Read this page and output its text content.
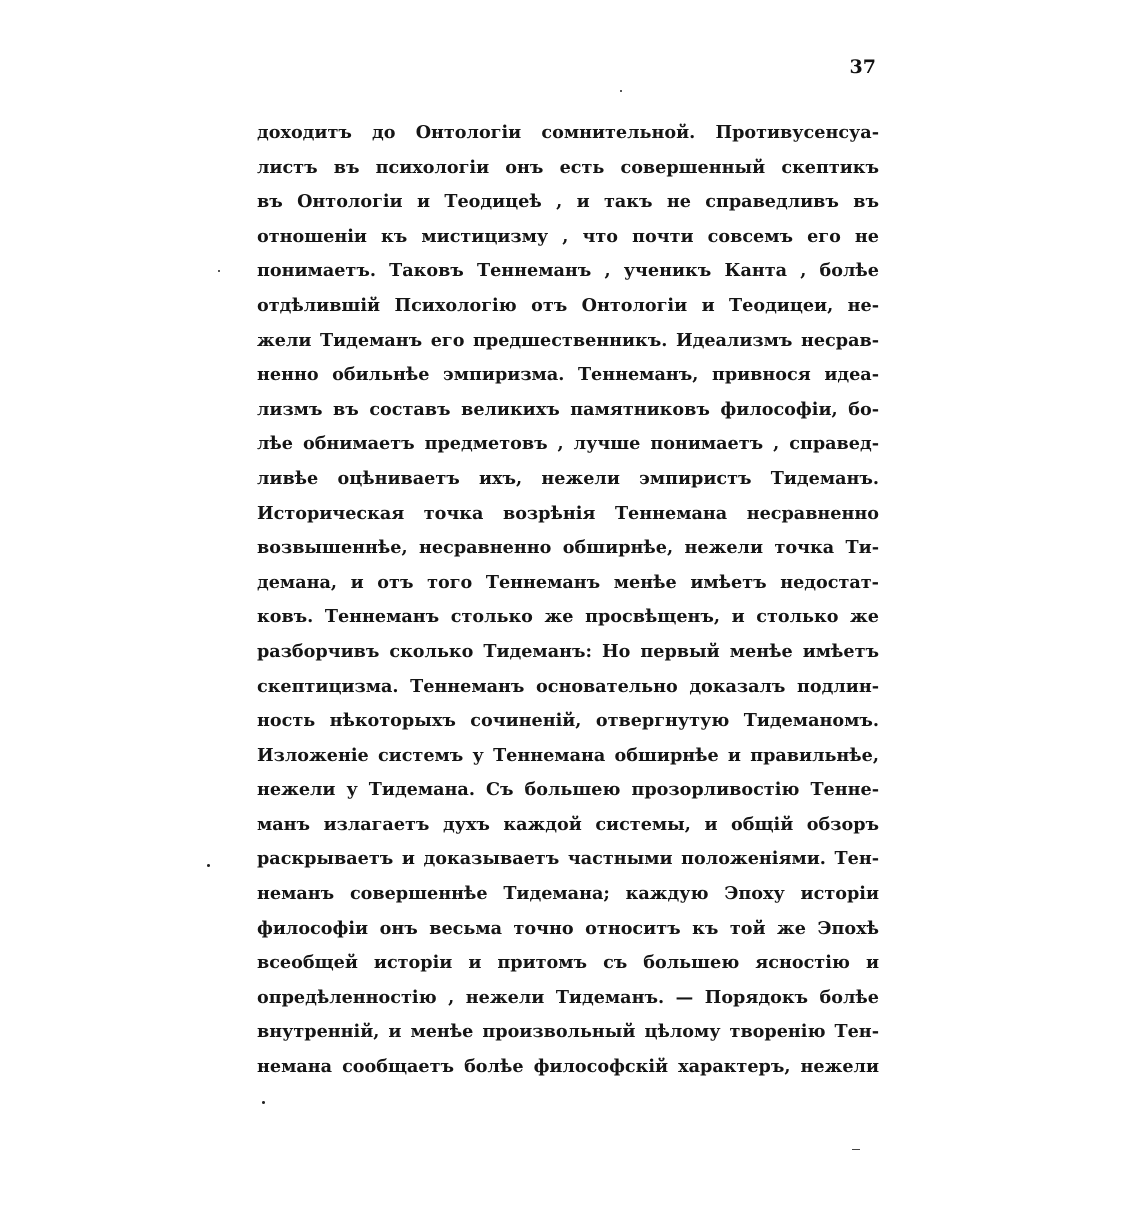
37
доходитъ до Онтологіи сомнительной. Противусенсуа-
листъ въ психологіи онъ есть совершенный скептикъ
въ Онтологіи и Теодицеѣ , и такъ не справедливъ въ
отношеніи къ мистицизму , что почти совсемъ его не
понимаетъ. Таковъ Теннеманъ , ученикъ Канта , болѣе
отдѣлившій Психологію отъ Онтологіи и Теодицеи, не-
жели Тидеманъ его предшественникъ. Идеализмъ несрав-
ненно обильнѣе эмпиризма. Теннеманъ, привнося идеа-
лизмъ въ составъ великихъ памятниковъ философіи, бо-
лѣе обнимаетъ предметовъ , лучше понимаетъ , справед-
ливѣе оцѣниваетъ ихъ, нежели эмпиристъ Тидеманъ.
Историческая точка возрѣнія Теннемана несравненно
возвышеннѣе, несравненно обширнѣе, нежели точка Ти-
демана, и отъ того Теннеманъ менѣе имѣетъ недостат-
ковъ. Теннеманъ столько же просвѣщенъ, и столько же
разборчивъ сколько Тидеманъ: Но первый менѣе имѣетъ
скептицизма. Теннеманъ основательно доказалъ подлин-
ность нѣкоторыхъ сочиненій, отвергнутую Тидеманомъ.
Изложеніе системъ у Теннемана обширнѣе и правильнѣе,
нежели у Тидемана. Съ большею прозорливостію Теннe-
манъ излагаетъ духъ каждой системы, и общій обзоръ
раскрываетъ и доказываетъ частными положеніями. Тен-
неманъ совершеннѣе Тидемана; каждую Эпоху исторіи
философіи онъ весьма точно относитъ къ той же Эпохѣ
всеобщей исторіи и притомъ съ большею ясностію и
опредѣленностію , нежели Тидеманъ. — Порядокъ болѣе
внутренній, и менѣе произвольный цѣлому творенію Тен-
немана сообщаетъ болѣе философскій характеръ, нежели
